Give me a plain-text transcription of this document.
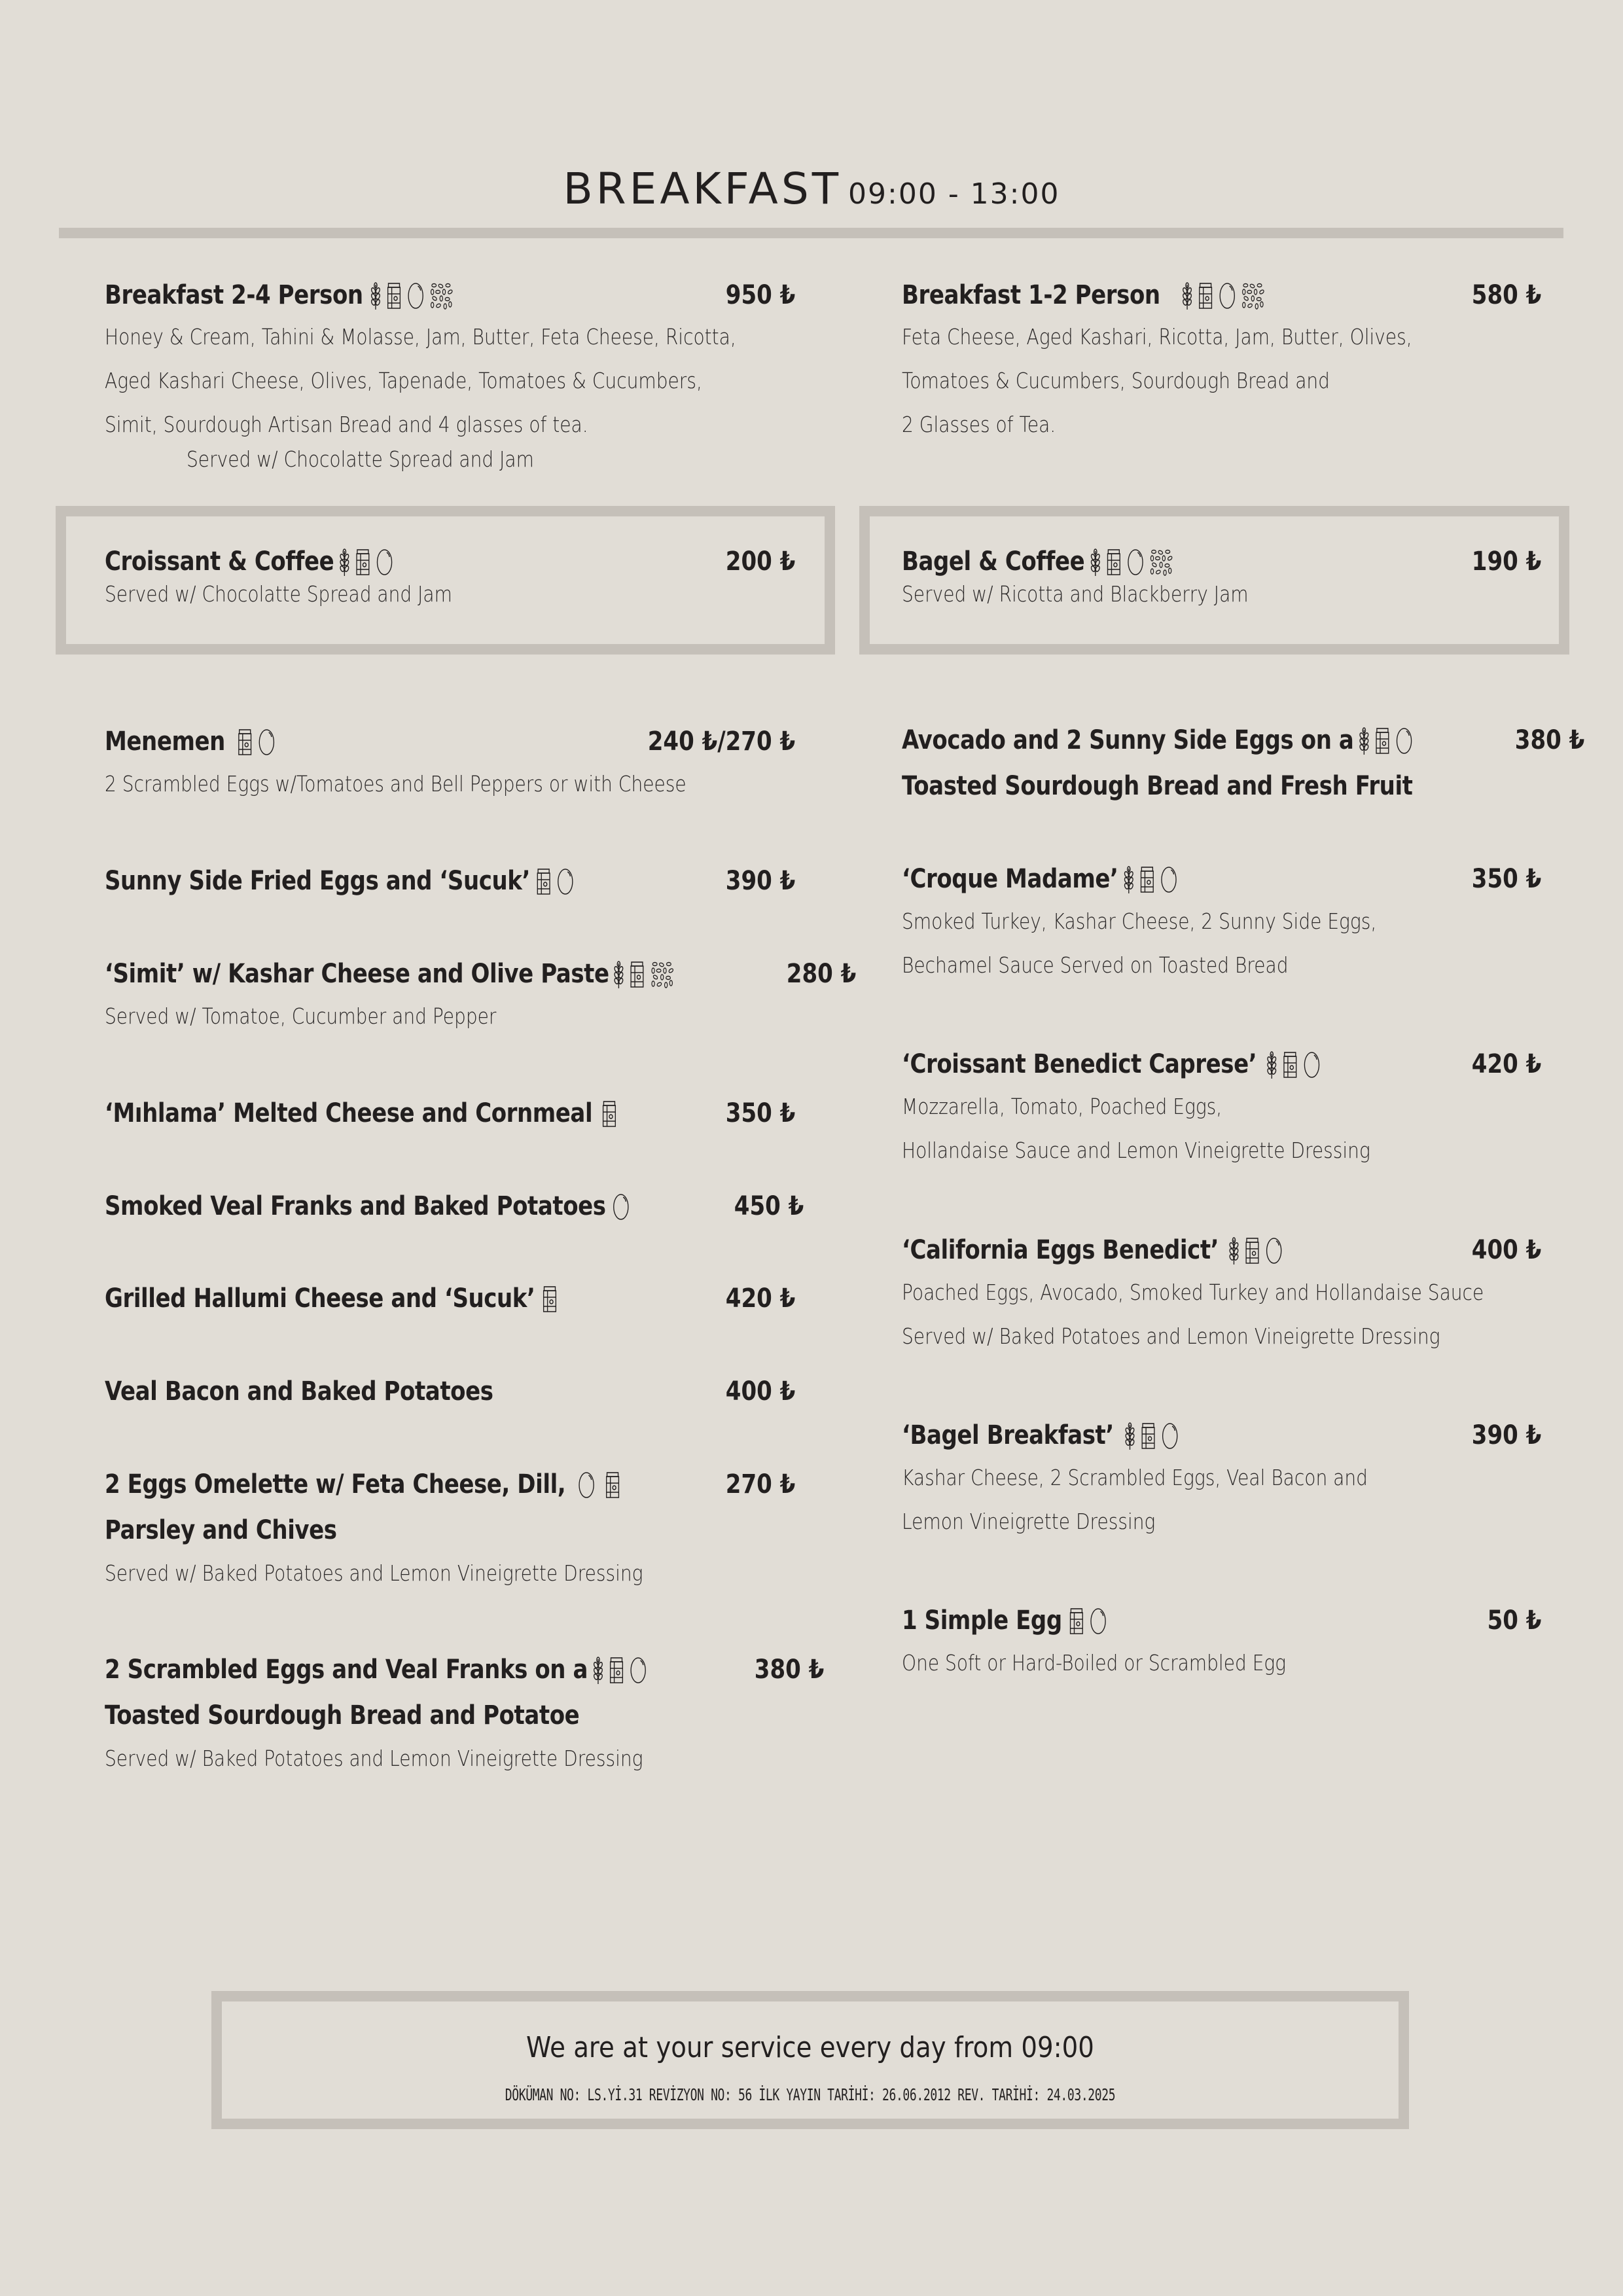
BREAKFAST 09:00 - 13:00
Breakfast 2-4 Person	950 ₺
Honey & Cream, Tahini & Molasse, Jam, Butter, Feta Cheese, Ricotta,
Aged Kashari Cheese, Olives, Tapenade, Tomatoes & Cucumbers,
Simit, Sourdough Artisan Bread and 4 glasses of tea.
Served w/ Chocolatte Spread and Jam
Croissant & Coffee	200 ₺
Served w/ Chocolatte Spread and Jam
Menemen	240 ₺/270 ₺
2 Scrambled Eggs w/Tomatoes and Bell Peppers or with Cheese
Sunny Side Fried Eggs and ‘Sucuk’	390 ₺
‘Simit’ w/ Kashar Cheese and Olive Paste	280 ₺
Served w/ Tomatoe, Cucumber and Pepper
‘Mıhlama’ Melted Cheese and Cornmeal	350 ₺
Smoked Veal Franks and Baked Potatoes	450 ₺
Grilled Hallumi Cheese and ‘Sucuk’	420 ₺
Veal Bacon and Baked Potatoes	400 ₺
2 Eggs Omelette w/ Feta Cheese, Dill,	270 ₺
Parsley and Chives
Served w/ Baked Potatoes and Lemon Vineigrette Dressing
2 Scrambled Eggs and Veal Franks on a	380 ₺
Toasted Sourdough Bread and Potatoe
Served w/ Baked Potatoes and Lemon Vineigrette Dressing
Breakfast 1-2 Person	580 ₺
Feta Cheese, Aged Kashari, Ricotta, Jam, Butter, Olives,
Tomatoes & Cucumbers, Sourdough Bread and
2 Glasses of Tea.
Bagel & Coffee	190 ₺
Served w/ Ricotta and Blackberry Jam
Avocado and 2 Sunny Side Eggs on a	380 ₺
Toasted Sourdough Bread and Fresh Fruit
‘Croque Madame’	350 ₺
Smoked Turkey, Kashar Cheese, 2 Sunny Side Eggs,
Bechamel Sauce Served on Toasted Bread
‘Croissant Benedict Caprese’	420 ₺
Mozzarella, Tomato, Poached Eggs,
Hollandaise Sauce and Lemon Vineigrette Dressing
‘California Eggs Benedict’	400 ₺
Poached Eggs, Avocado, Smoked Turkey and Hollandaise Sauce
Served w/ Baked Potatoes and Lemon Vineigrette Dressing
‘Bagel Breakfast’	390 ₺
Kashar Cheese, 2 Scrambled Eggs, Veal Bacon and
Lemon Vineigrette Dressing
1 Simple Egg	50 ₺
One Soft or Hard-Boiled or Scrambled Egg
We are at your service every day from 09:00
DÖKÜMAN NO: LS.Yİ.31 REVİZYON NO: 56 İLK YAYIN TARİHİ: 26.06.2012 REV. TARİHİ: 24.03.2025
